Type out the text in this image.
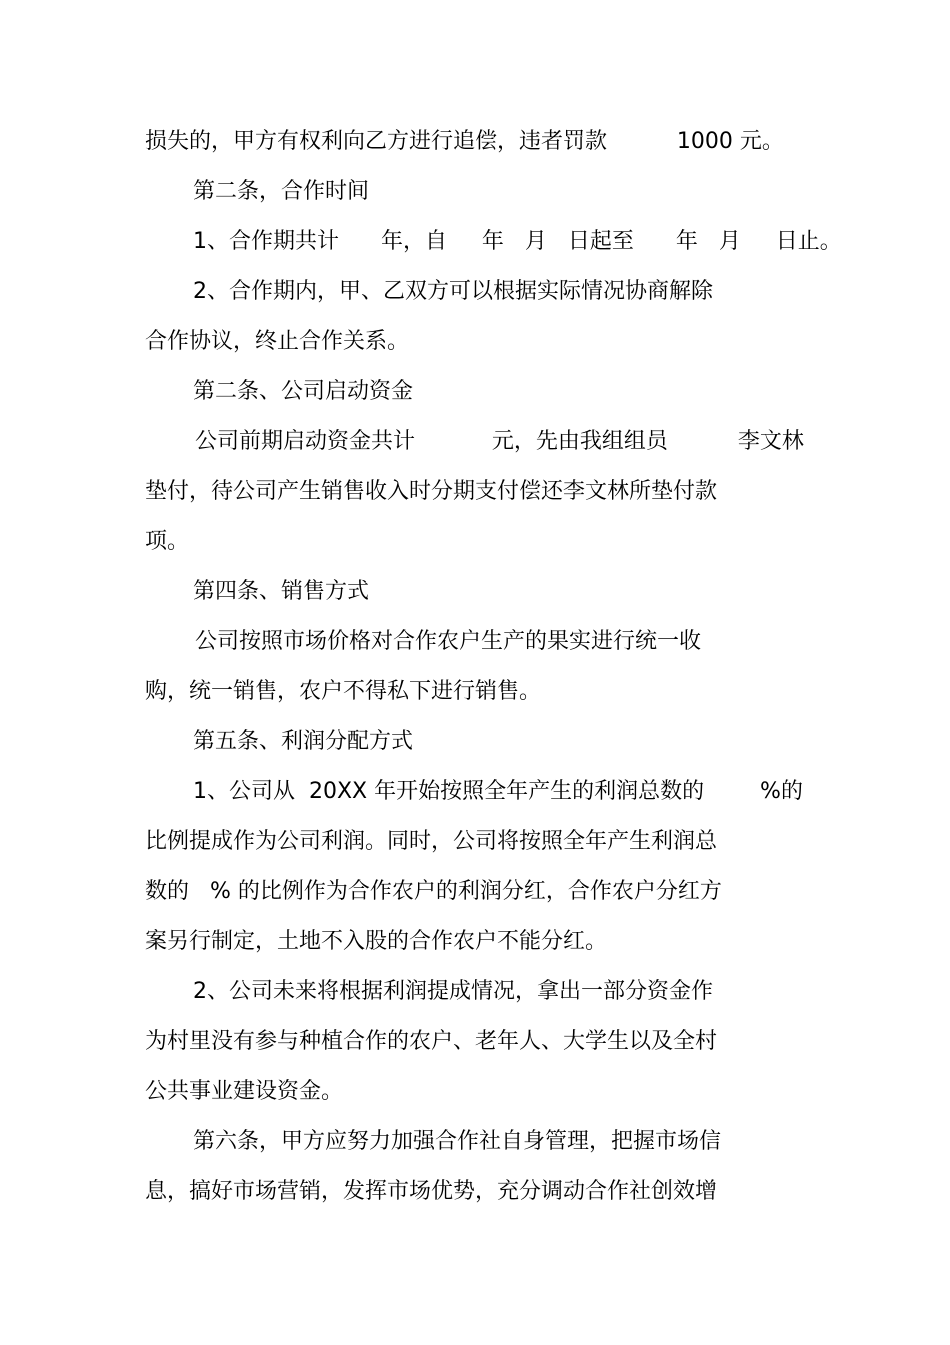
损失的，甲方有权利向乙方进行追偿，违者罚款          1000 元。
第二条，合作时间
1、合作期共计      年，自     年   月   日起至      年   月     日止。
2、合作期内，甲、乙双方可以根据实际情况协商解除
合作协议，终止合作关系。
第二条、公司启动资金
公司前期启动资金共计           元，先由我组组员          李文林
垫付，待公司产生销售收入时分期支付偿还李文林所垫付款
项。
第四条、销售方式
公司按照市场价格对合作农户生产的果实进行统一收
购，统一销售，农户不得私下进行销售。
第五条、利润分配方式
1、公司从  20XX 年开始按照全年产生的利润总数的        %的
比例提成作为公司利润。同时，公司将按照全年产生利润总
数的   % 的比例作为合作农户的利润分红，合作农户分红方
案另行制定，土地不入股的合作农户不能分红。
2、公司未来将根据利润提成情况，拿出一部分资金作
为村里没有参与种植合作的农户、老年人、大学生以及全村
公共事业建设资金。
第六条，甲方应努力加强合作社自身管理，把握市场信
息，搞好市场营销，发挥市场优势，充分调动合作社创效增
